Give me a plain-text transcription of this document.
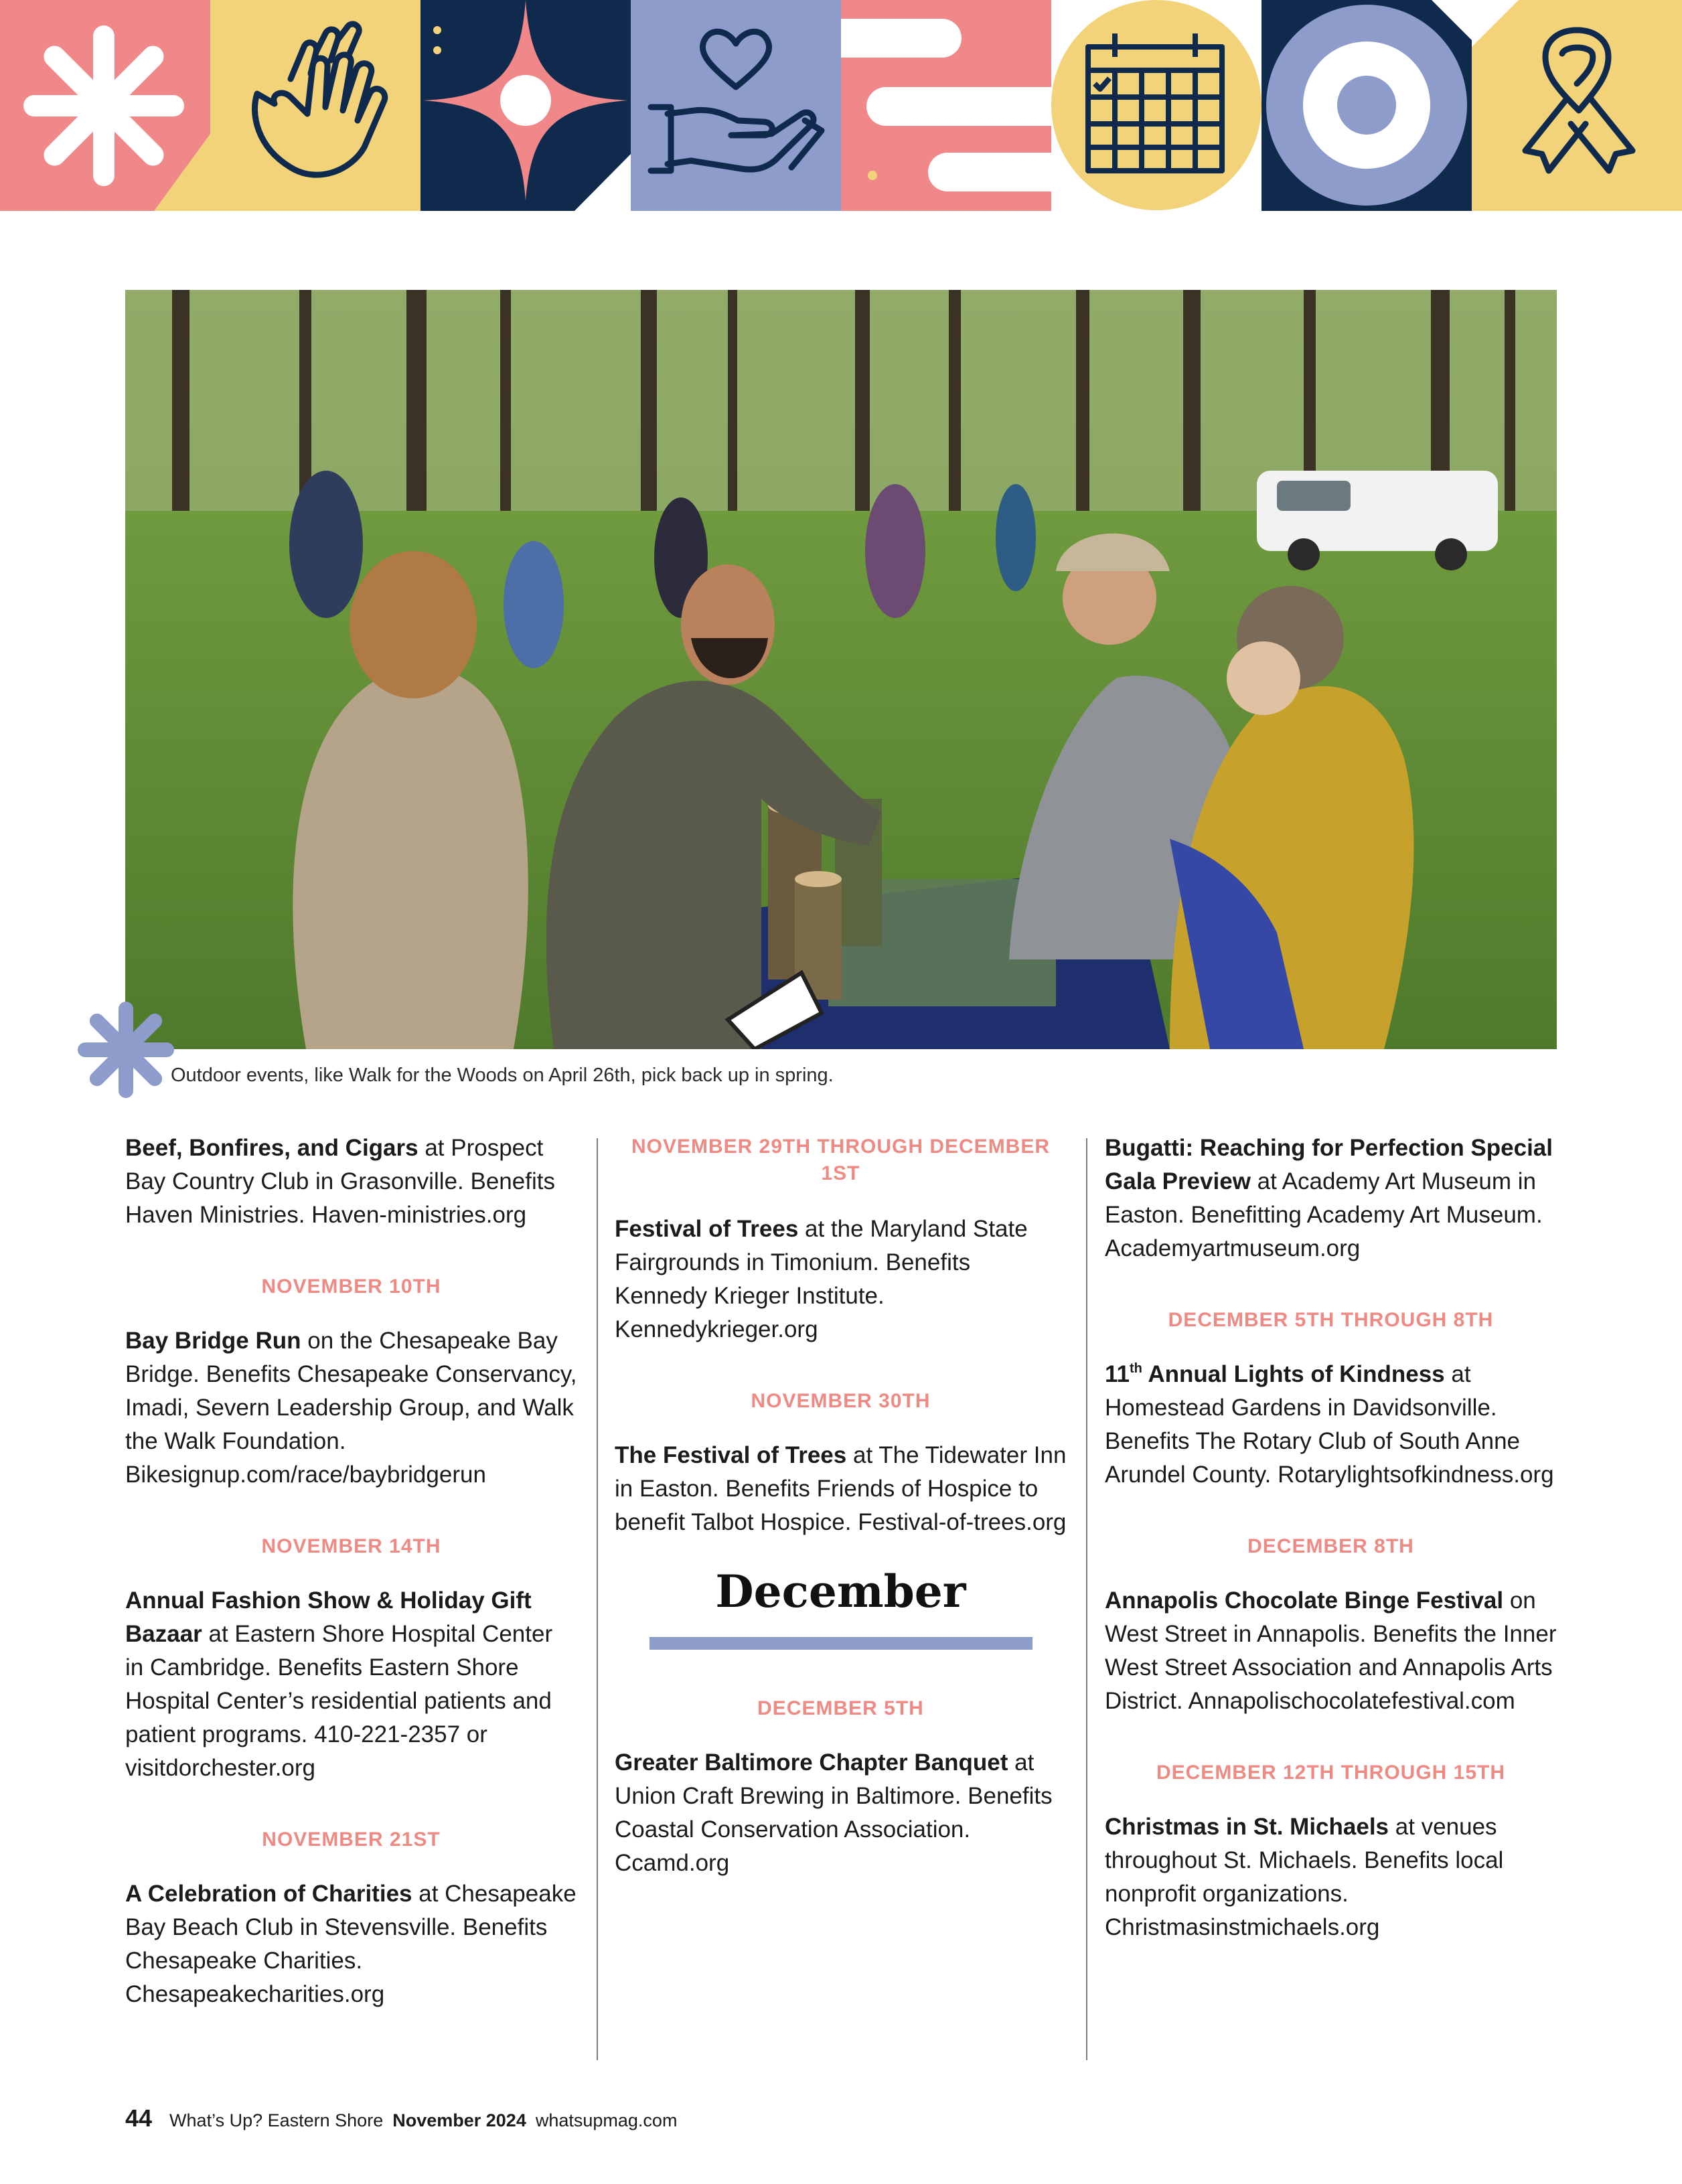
Outdoor events, like Walk for the Woods on April 26th, pick back up in spring.

Beef, Bonfires, and Cigars at Prospect Bay Country Club in Grasonville. Benefits Haven Ministries. Haven-ministries.org

NOVEMBER 10TH

Bay Bridge Run on the Chesapeake Bay Bridge. Benefits Chesapeake Conservancy, Imadi, Severn Leadership Group, and Walk the Walk Foundation. Bikesignup.com/race/baybridgerun

NOVEMBER 14TH

Annual Fashion Show & Holiday Gift Bazaar at Eastern Shore Hospital Center in Cambridge. Benefits Eastern Shore Hospital Center’s residential patients and patient programs. 410-221-2357 or visitdorchester.org

NOVEMBER 21ST

A Celebration of Charities at Chesapeake Bay Beach Club in Stevensville. Benefits Chesapeake Charities. Chesapeakecharities.org

NOVEMBER 29TH THROUGH DECEMBER 1ST

Festival of Trees at the Maryland State Fairgrounds in Timonium. Benefits Kennedy Krieger Institute. Kennedykrieger.org

NOVEMBER 30TH

The Festival of Trees at The Tidewater Inn in Easton. Benefits Friends of Hospice to benefit Talbot Hospice. Festival-of-trees.org

December
DECEMBER 5TH

Greater Baltimore Chapter Banquet at Union Craft Brewing in Baltimore. Benefits Coastal Conservation Association. Ccamd.org

Bugatti: Reaching for Perfection Special Gala Preview at Academy Art Museum in Easton. Benefitting Academy Art Museum. Academyartmuseum.org

DECEMBER 5TH THROUGH 8TH

11th Annual Lights of Kindness at Homestead Gardens in Davidsonville. Benefits The Rotary Club of South Anne Arundel County. Rotarylightsofkindness.org

DECEMBER 8TH

Annapolis Chocolate Binge Festival on West Street in Annapolis. Benefits the Inner West Street Association and Annapolis Arts District. Annapolischocolatefestival.com

DECEMBER 12TH THROUGH 15TH

Christmas in St. Michaels at venues throughout St. Michaels. Benefits local nonprofit organizations. Christmasinstmichaels.org

44 What’s Up? Eastern Shore November 2024 whatsupmag.com
